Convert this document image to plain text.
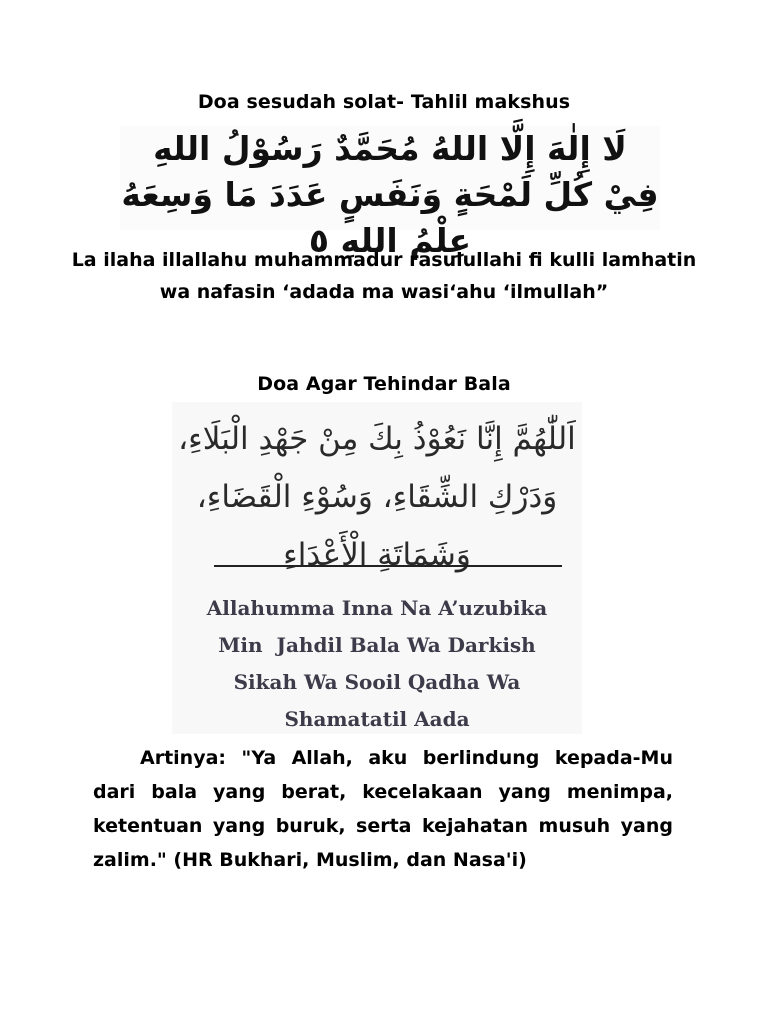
Doa sesudah solat- Tahlil makshus
لَا إِلٰهَ إِلَّا اللهُ مُحَمَّدٌ رَسُوْلُ اللهِ
فِيْ كُلِّ لَمْحَةٍ وَنَفَسٍ عَدَدَ مَا وَسِعَهُ عِلْمُ اللهِ ٥
La ilaha illallahu muhammadur rasulullahi fi kulli lamhatin wa nafasin ‘adada ma wasi‘ahu ‘ilmullah”
Doa Agar Tehindar Bala
اَللّٰهُمَّ إِنَّا نَعُوْذُ بِكَ مِنْ جَهْدِ الْبَلَاءِ،
وَدَرْكِ الشِّقَاءِ، وَسُوْءِ الْقَضَاءِ،
وَشَمَاتَةِ الْأَعْدَاءِ
Allahumma Inna Na A’uzubika
Min  Jahdil Bala Wa Darkish
Sikah Wa Sooil Qadha Wa
Shamatatil Aada
Artinya: "Ya Allah, aku berlindung kepada-Mu dari bala yang berat, kecelakaan yang menimpa, ketentuan yang buruk, serta kejahatan musuh yang zalim." (HR Bukhari, Muslim, dan Nasa'i)
